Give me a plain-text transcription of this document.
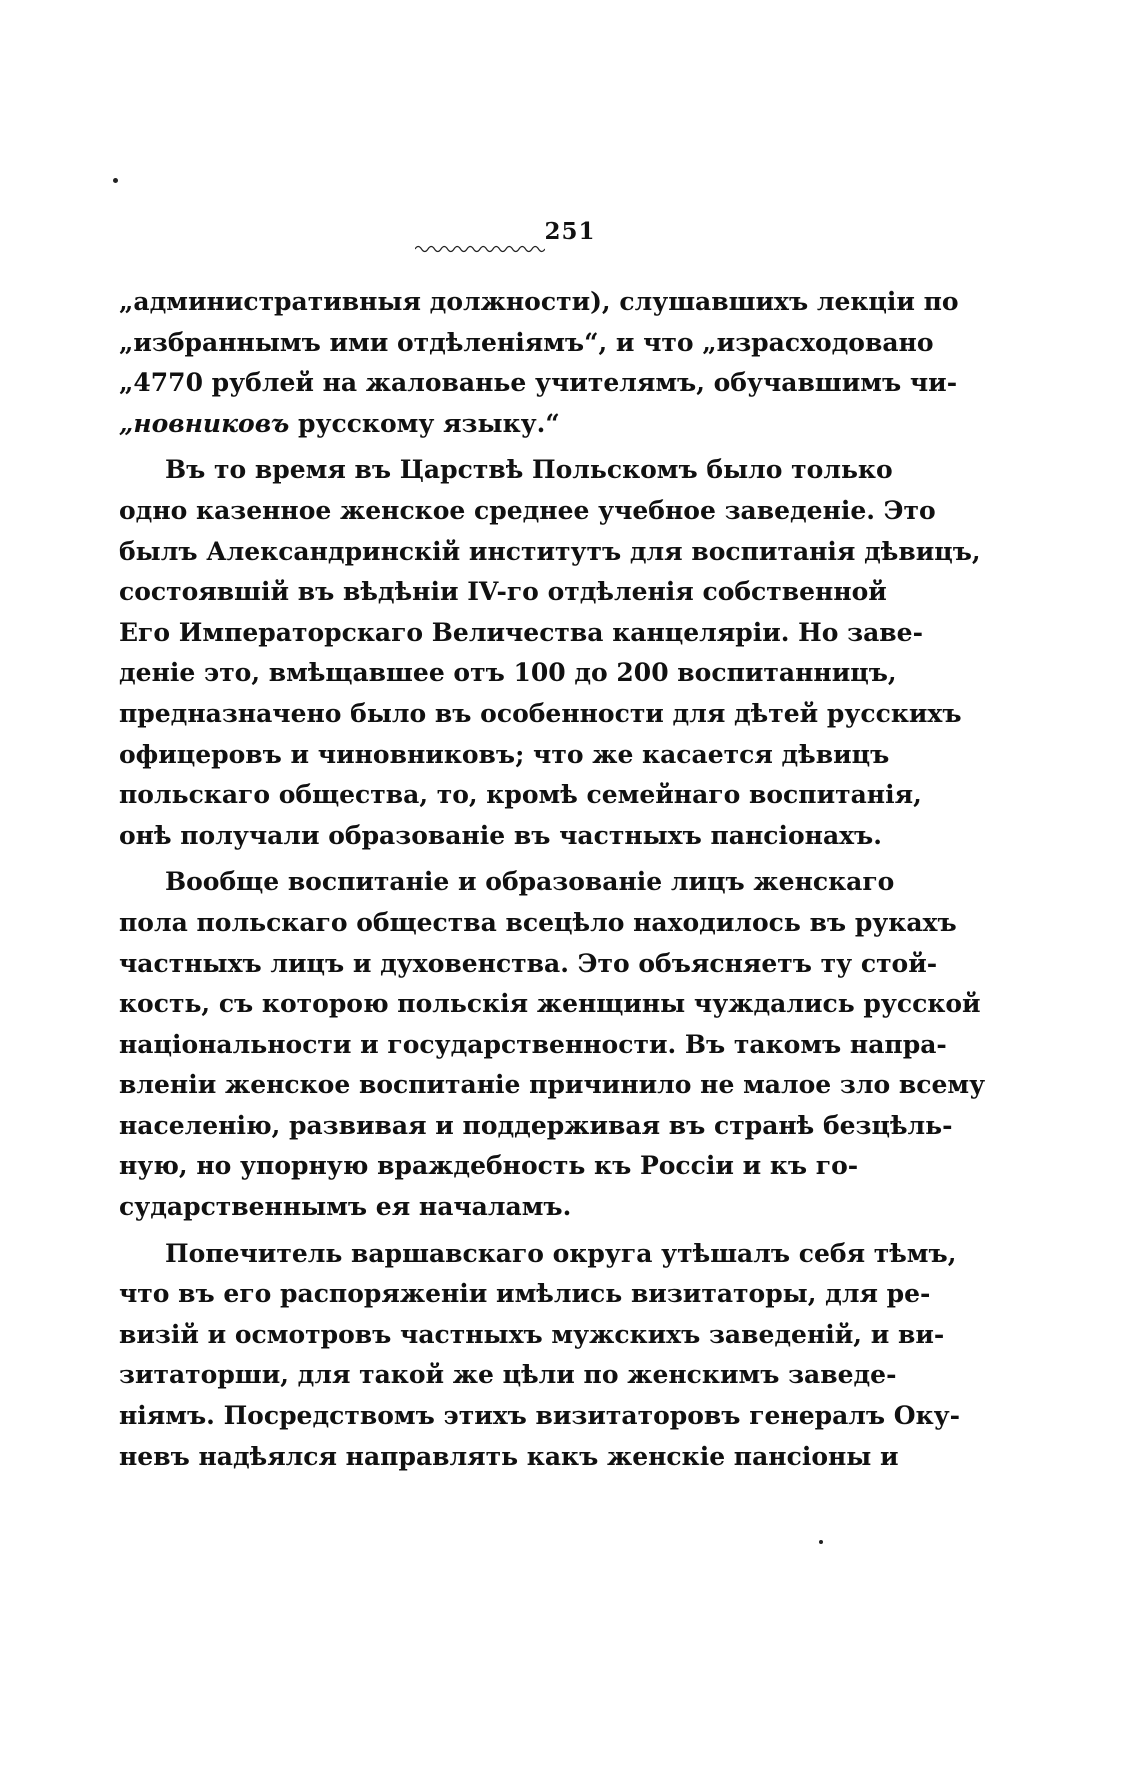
251

„административныя должности), слушавшихъ лекціи по
„избраннымъ ими отдѣленіямъ“, и что „израсходовано
„4770 рублей на жалованье учителямъ, обучавшимъ чи-
„новниковъ русскому языку.“

Въ то время въ Царствѣ Польскомъ было только
одно казенное женское среднее учебное заведеніе. Это
былъ Александринскій институтъ для воспитанія дѣвицъ,
состоявшій въ вѣдѣніи IV-го отдѣленія собственной
Его Императорскаго Величества канцеляріи. Но заве-
деніе это, вмѣщавшее отъ 100 до 200 воспитанницъ,
предназначено было въ особенности для дѣтей русскихъ
офицеровъ и чиновниковъ; что же касается дѣвицъ
польскаго общества, то, кромѣ семейнаго воспитанія,
онѣ получали образованіе въ частныхъ пансіонахъ.

Вообще воспитаніе и образованіе лицъ женскаго
пола польскаго общества всецѣло находилось въ рукахъ
частныхъ лицъ и духовенства. Это объясняетъ ту стой-
кость, съ которою польскія женщины чуждались русской
національности и государственности. Въ такомъ напра-
вленіи женское воспитаніе причинило не малое зло всему
населенію, развивая и поддерживая въ странѣ безцѣль-
ную, но упорную враждебность къ Россіи и къ го-
сударственнымъ ея началамъ.

Попечитель варшавскаго округа утѣшалъ себя тѣмъ,
что въ его распоряженіи имѣлись визитаторы, для ре-
визій и осмотровъ частныхъ мужскихъ заведеній, и ви-
зитаторши, для такой же цѣли по женскимъ заведе-
ніямъ. Посредствомъ этихъ визитаторовъ генералъ Оку-
невъ надѣялся направлять какъ женскіе пансіоны и
